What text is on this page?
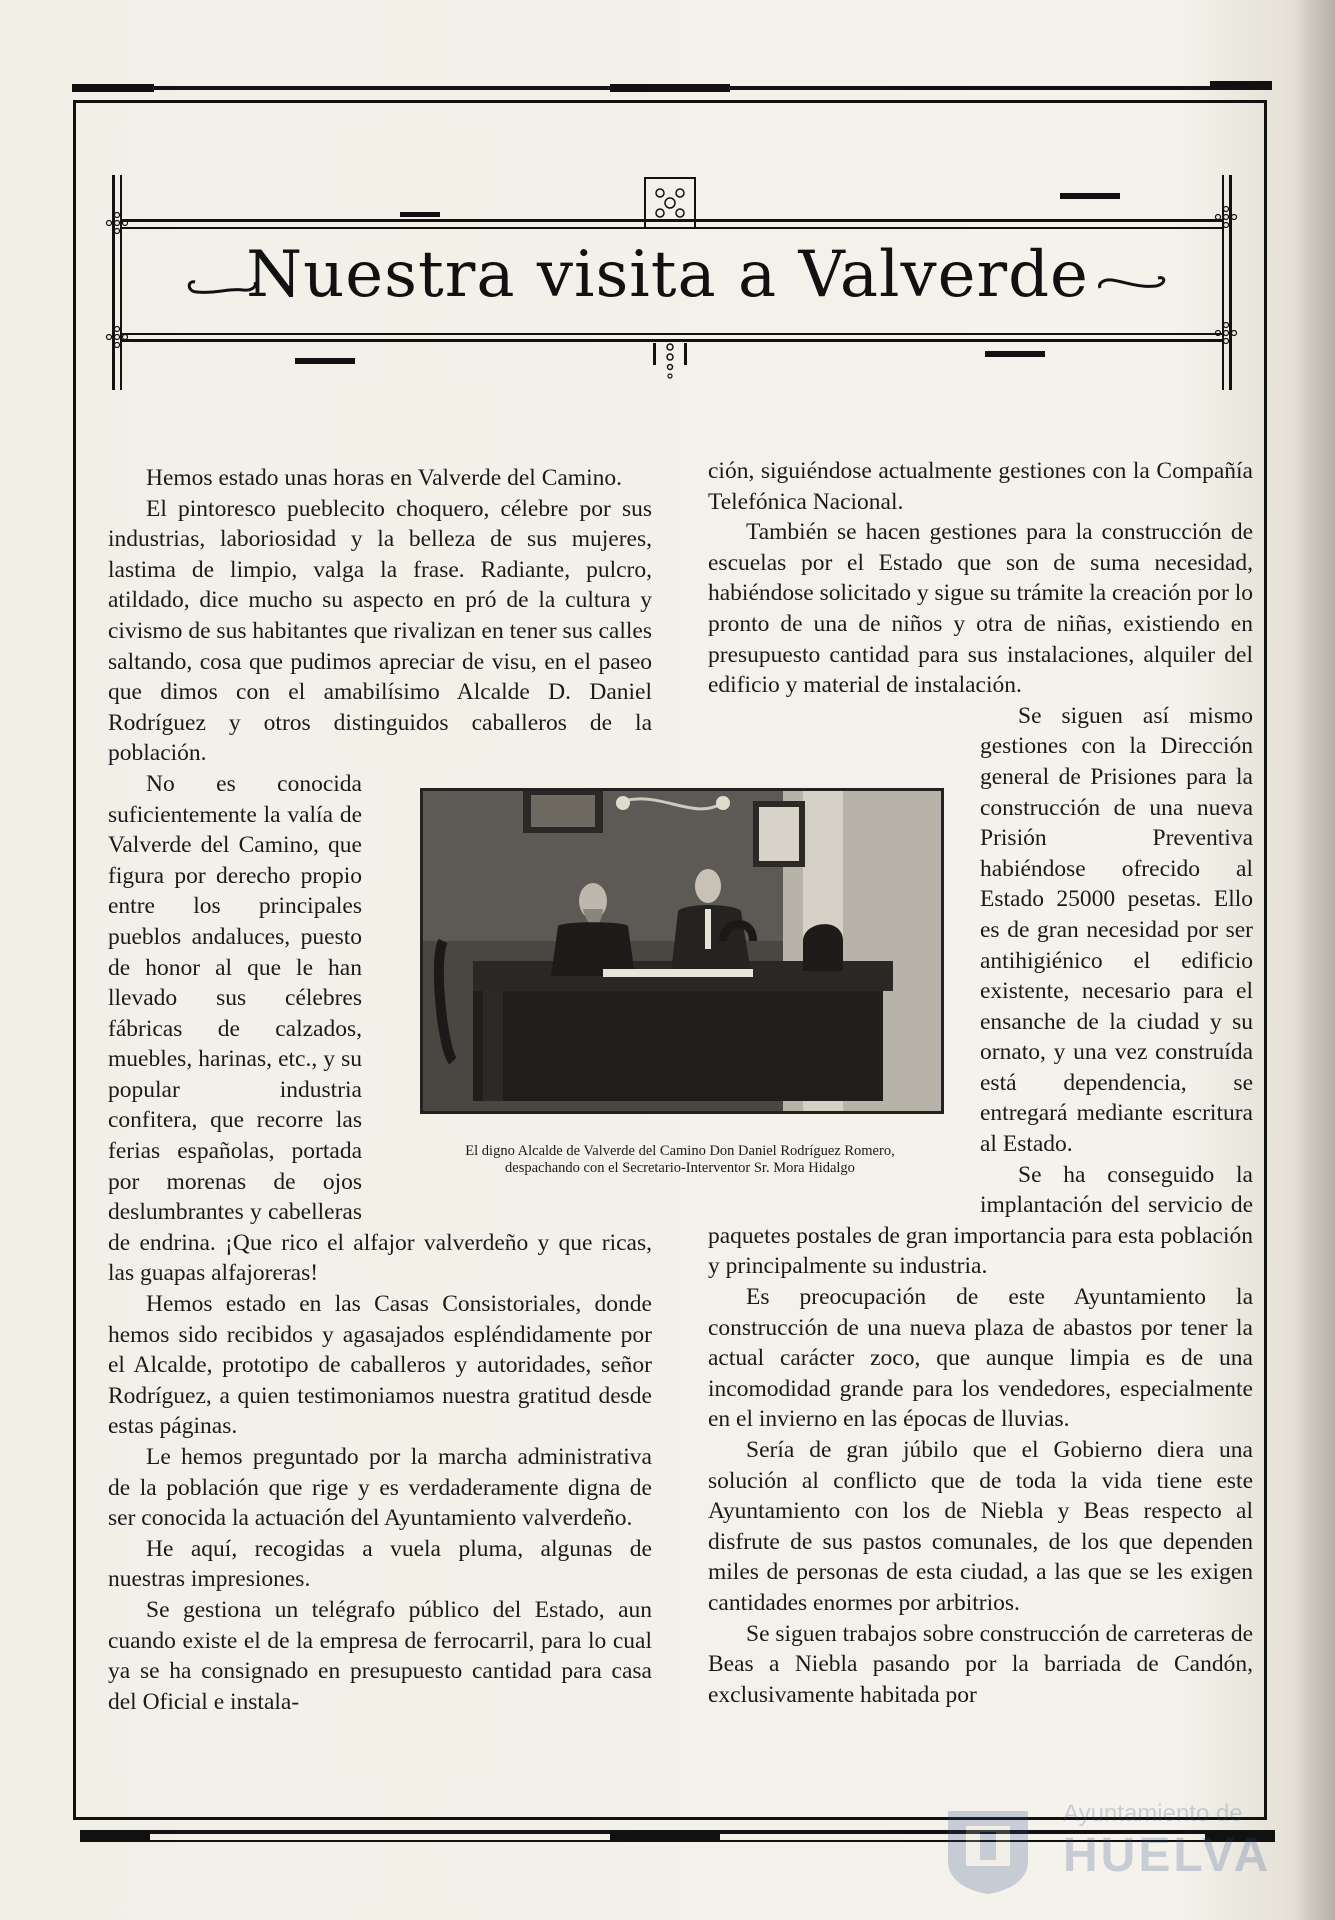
Nuestra visita a Valverde

Hemos estado unas horas en Valverde del Camino.

El pintoresco pueblecito choquero, célebre por sus industrias, laboriosidad y la belleza de sus mujeres, lastima de limpio, valga la frase. Radiante, pulcro, atildado, dice mucho su aspecto en pró de la cultura y civismo de sus habitantes que rivalizan en tener sus calles saltando, cosa que pudimos apreciar de visu, en el paseo que dimos con el amabilísimo Alcalde D. Daniel Rodríguez y otros distinguidos caballeros de la población.

No es conocida suficientemente la valía de Valverde del Camino, que figura por derecho propio entre los principales pueblos andaluces, puesto de honor al que le han llevado sus célebres fábricas de calzados, muebles, harinas, etc., y su popular industria confitera, que recorre las ferias españolas, portada por morenas de ojos deslumbrantes y cabelleras de endrina. ¡Que rico el alfajor valverdeño y que ricas, las guapas alfajoreras!

Hemos estado en las Casas Consistoriales, donde hemos sido recibidos y agasajados espléndidamente por el Alcalde, prototipo de caballeros y autoridades, señor Rodríguez, a quien testimoniamos nuestra gratitud desde estas páginas.

Le hemos preguntado por la marcha administrativa de la población que rige y es verdaderamente digna de ser conocida la actuación del Ayuntamiento valverdeño.

He aquí, recogidas a vuela pluma, algunas de nuestras impresiones.

Se gestiona un telégrafo público del Estado, aun cuando existe el de la empresa de ferrocarril, para lo cual ya se ha consignado en presupuesto cantidad para casa del Oficial e instala-

ción, siguiéndose actualmente gestiones con la Compañía Telefónica Nacional.

También se hacen gestiones para la construcción de escuelas por el Estado que son de suma necesidad, habiéndose solicitado y sigue su trámite la creación por lo pronto de una de niños y otra de niñas, existiendo en presupuesto cantidad para sus instalaciones, alquiler del edificio y material de instalación.

Se siguen así mismo gestiones con la Dirección general de Prisiones para la construcción de una nueva Prisión Preventiva habiéndose ofrecido al Estado 25000 pesetas. Ello es de gran necesidad por ser antihigiénico el edificio existente, necesario para el ensanche de la ciudad y su ornato, y una vez construída está dependencia, se entregará mediante escritura al Estado.

Se ha conseguido la implantación del servicio de paquetes postales de gran importancia para esta población y principalmente su industria.

Es preocupación de este Ayuntamiento la construcción de una nueva plaza de abastos por tener la actual carácter zoco, que aunque limpia es de una incomodidad grande para los vendedores, especialmente en el invierno en las épocas de lluvias.

Sería de gran júbilo que el Gobierno diera una solución al conflicto que de toda la vida tiene este Ayuntamiento con los de Niebla y Beas respecto al disfrute de sus pastos comunales, de los que dependen miles de personas de esta ciudad, a las que se les exigen cantidades enormes por arbitrios.

Se siguen trabajos sobre construcción de carreteras de Beas a Niebla pasando por la barriada de Candón, exclusivamente habitada por

El digno Alcalde de Valverde del Camino Don Daniel Rodríguez Romero,
despachando con el Secretario-Interventor Sr. Mora Hidalgo
Ayuntamiento de
HUELVA
